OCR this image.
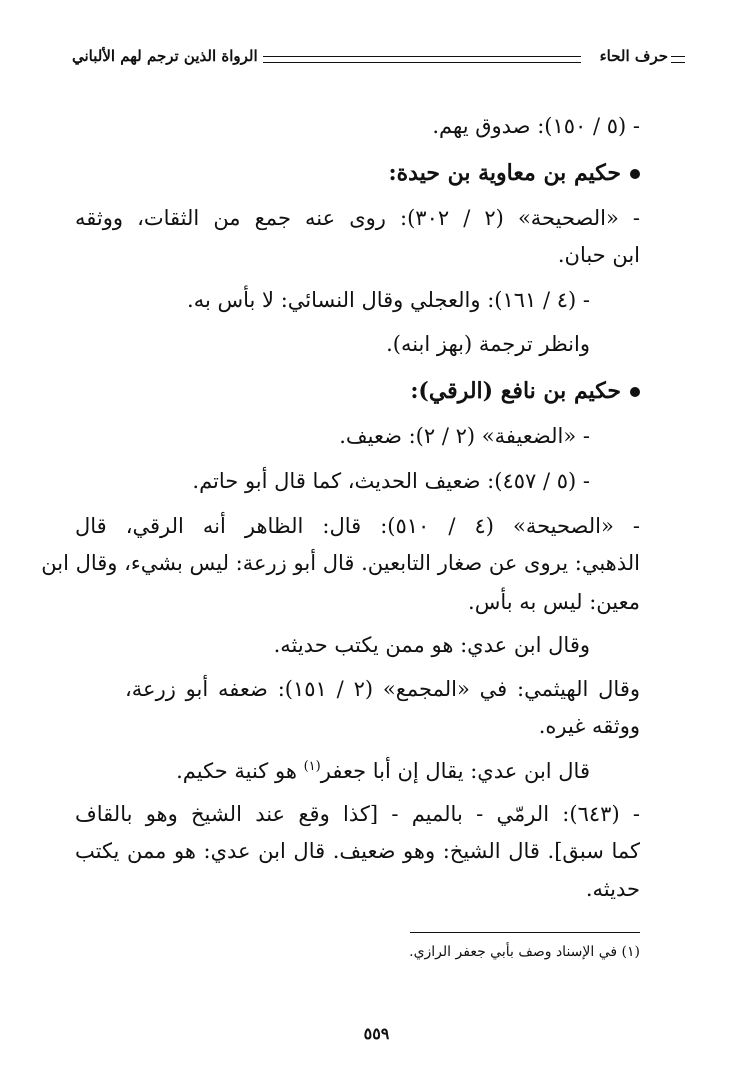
حرف الحاء
الرواة الذين ترجم لهم الألباني
- (٥ / ١٥٠): صدوق يهم.
حكيم بن معاوية بن حيدة:
- «الصحيحة» (٢ / ٣٠٢): روى عنه جمع من الثقات، ووثقه
ابن حبان.
- (٤ / ١٦١): والعجلي وقال النسائي: لا بأس به.
وانظر ترجمة (بهز ابنه).
حكيم بن نافع (الرقي):
- «الضعيفة» (٢ / ٢): ضعيف.
- (٥ / ٤٥٧): ضعيف الحديث، كما قال أبو حاتم.
- «الصحيحة» (٤ / ٥١٠): قال: الظاهر أنه الرقي، قال
الذهبي: يروى عن صغار التابعين. قال أبو زرعة: ليس بشيء، وقال ابن
معين: ليس به بأس.
وقال ابن عدي: هو ممن يكتب حديثه.
وقال الهيثمي: في «المجمع» (٢ / ١٥١): ضعفه أبو زرعة،
ووثقه غيره.
قال ابن عدي: يقال إن أبا جعفر$^{(١)}$ هو كنية حكيم.
- (٦٤٣): الرمّي - بالميم - [كذا وقع عند الشيخ وهو بالقاف
كما سبق]. قال الشيخ: وهو ضعيف. قال ابن عدي: هو ممن يكتب
حديثه.
(١) في الإسناد وصف بأبي جعفر الرازي.
٥٥٩
